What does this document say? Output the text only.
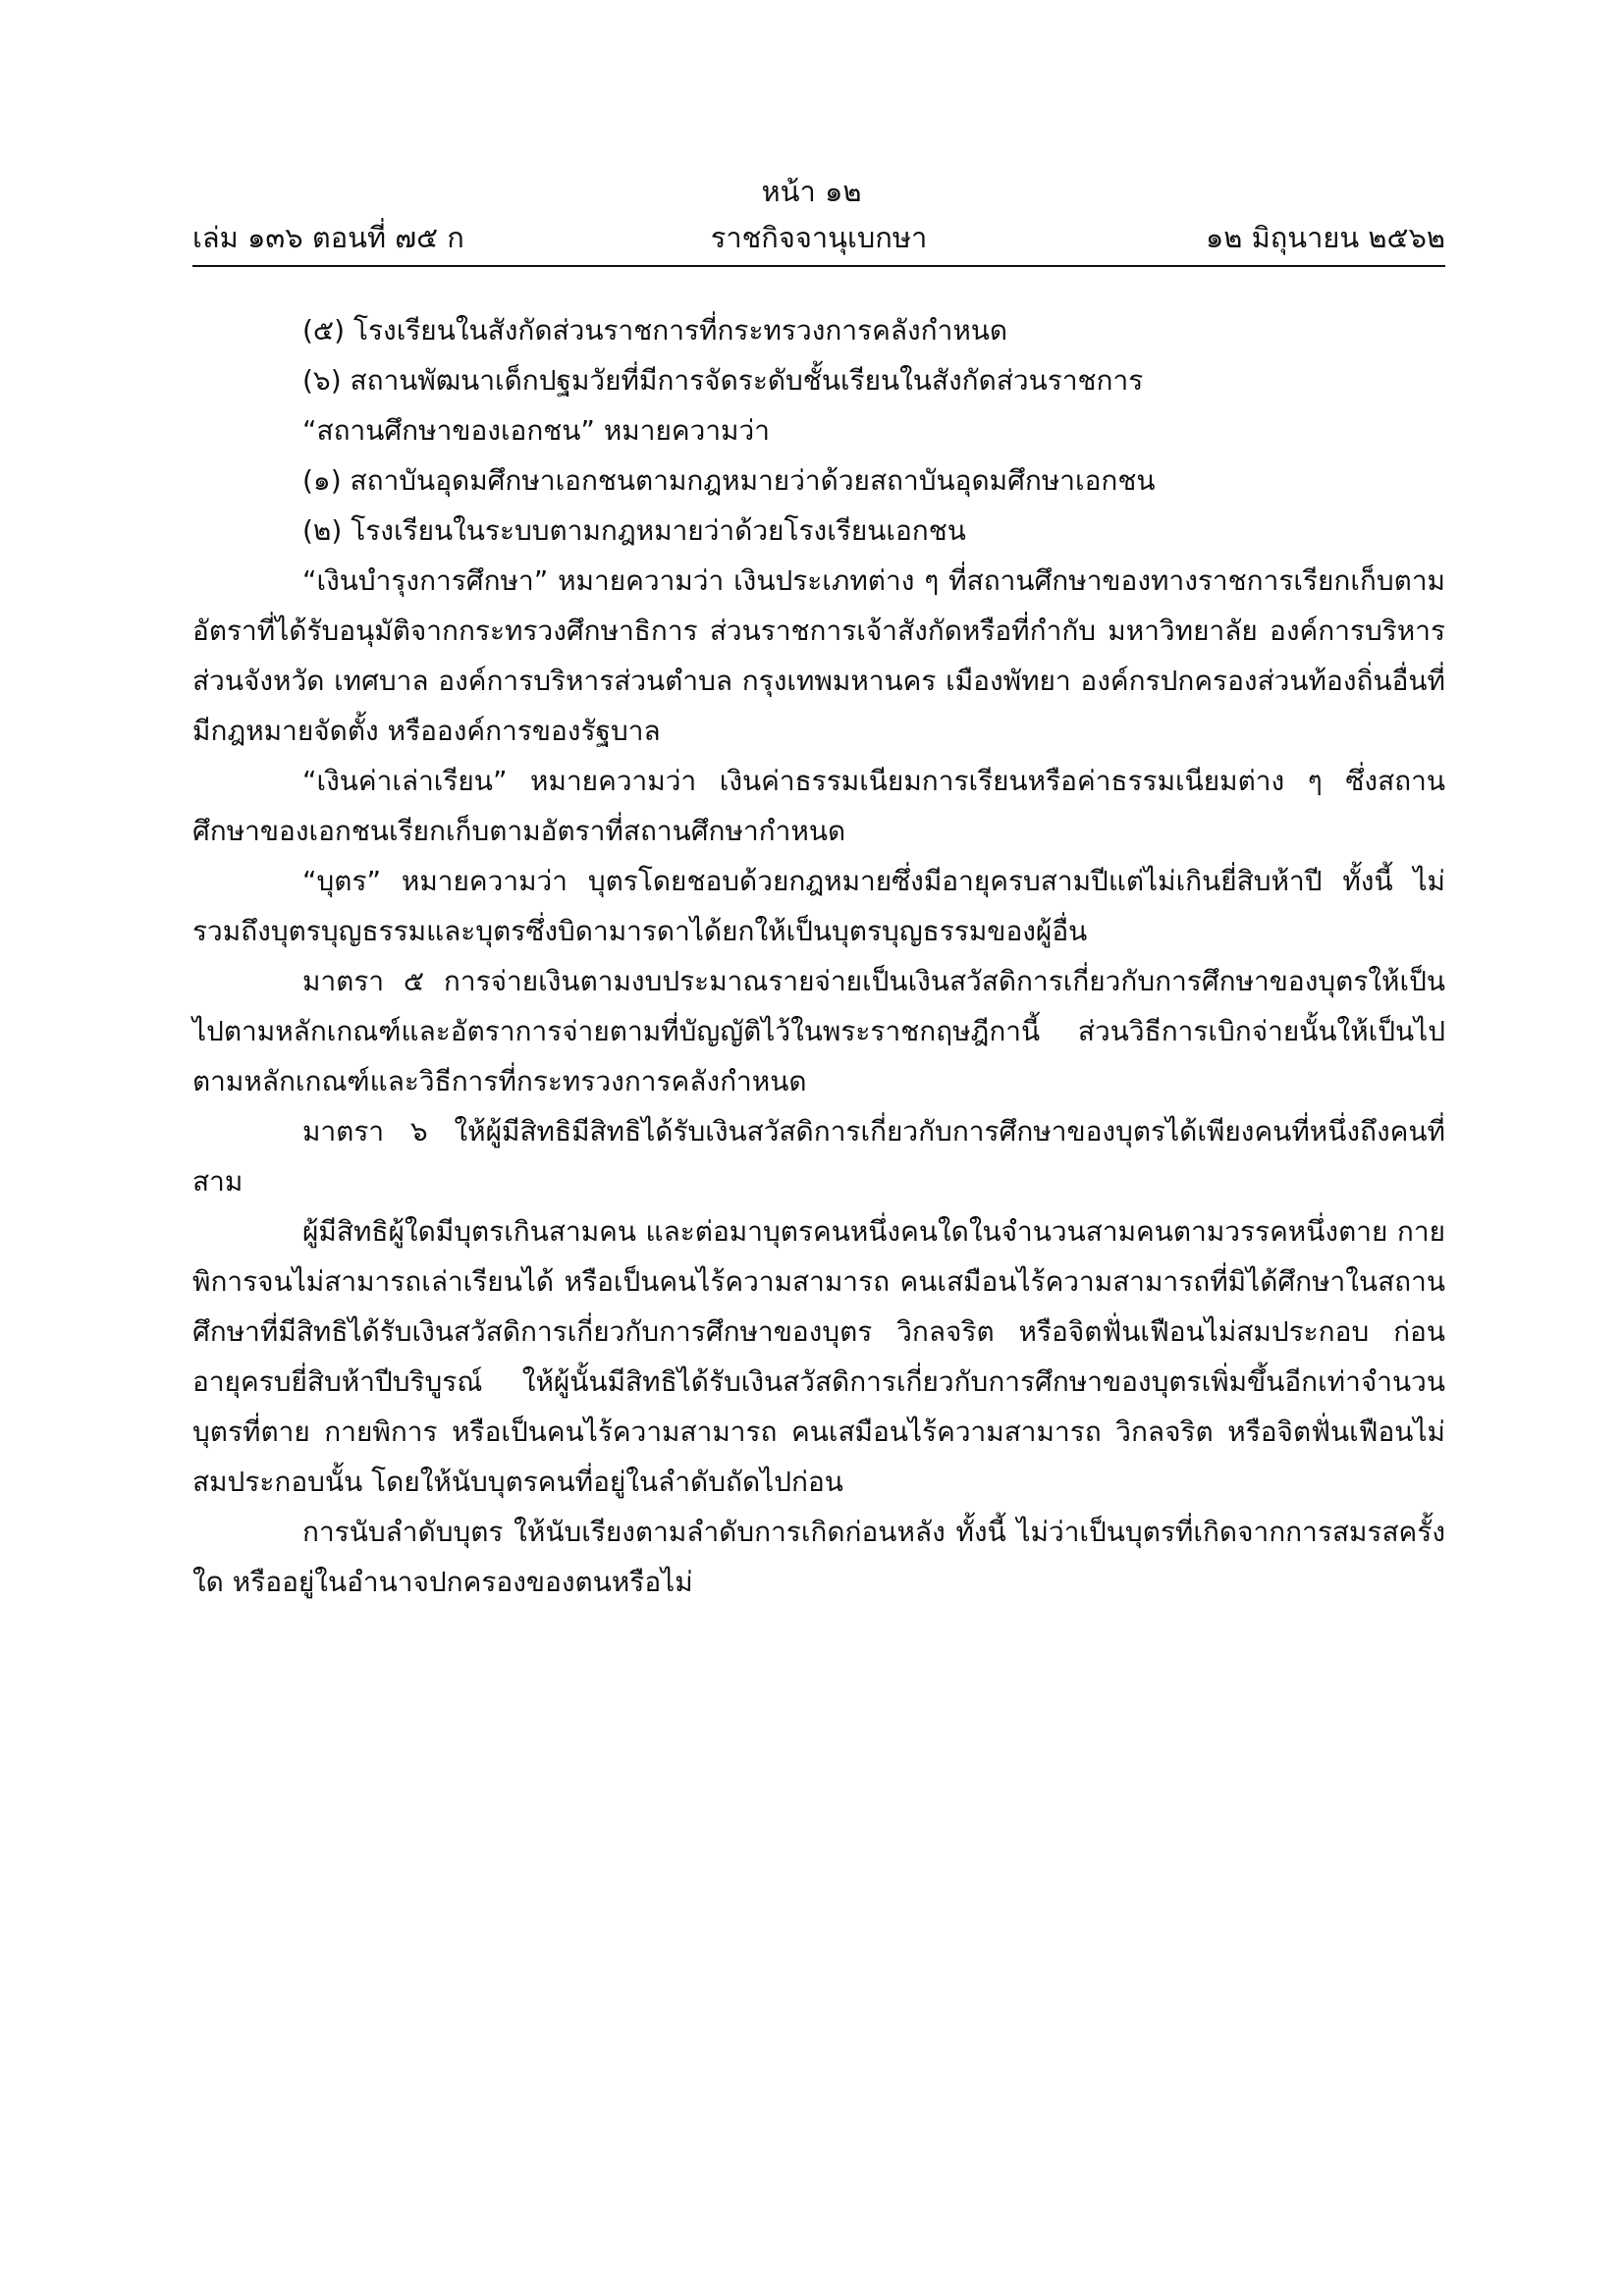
หน้า ๑๒
ราชกิจจานุเบกษา
เล่ม ๑๓๖ ตอนที่ ๗๕ ก	๑๒ มิถุนายน ๒๕๖๒

(๕) โรงเรียนในสังกัดส่วนราชการที่กระทรวงการคลังกำหนด

(๖) สถานพัฒนาเด็กปฐมวัยที่มีการจัดระดับชั้นเรียนในสังกัดส่วนราชการ

“สถานศึกษาของเอกชน” หมายความว่า

(๑) สถาบันอุดมศึกษาเอกชนตามกฎหมายว่าด้วยสถาบันอุดมศึกษาเอกชน

(๒) โรงเรียนในระบบตามกฎหมายว่าด้วยโรงเรียนเอกชน

“เงินบำรุงการศึกษา” หมายความว่า เงินประเภทต่าง ๆ ที่สถานศึกษาของทางราชการเรียกเก็บตามอัตราที่ได้รับอนุมัติจากกระทรวงศึกษาธิการ ส่วนราชการเจ้าสังกัดหรือที่กำกับ มหาวิทยาลัย องค์การบริหารส่วนจังหวัด เทศบาล องค์การบริหารส่วนตำบล กรุงเทพมหานคร เมืองพัทยา องค์กรปกครองส่วนท้องถิ่นอื่นที่มีกฎหมายจัดตั้ง หรือองค์การของรัฐบาล

“เงินค่าเล่าเรียน” หมายความว่า เงินค่าธรรมเนียมการเรียนหรือค่าธรรมเนียมต่าง ๆ ซึ่งสถานศึกษาของเอกชนเรียกเก็บตามอัตราที่สถานศึกษากำหนด

“บุตร” หมายความว่า บุตรโดยชอบด้วยกฎหมายซึ่งมีอายุครบสามปีแต่ไม่เกินยี่สิบห้าปี ทั้งนี้ ไม่รวมถึงบุตรบุญธรรมและบุตรซึ่งบิดามารดาได้ยกให้เป็นบุตรบุญธรรมของผู้อื่น

มาตรา ๕ การจ่ายเงินตามงบประมาณรายจ่ายเป็นเงินสวัสดิการเกี่ยวกับการศึกษาของบุตรให้เป็นไปตามหลักเกณฑ์และอัตราการจ่ายตามที่บัญญัติไว้ในพระราชกฤษฎีกานี้ ส่วนวิธีการเบิกจ่ายนั้นให้เป็นไปตามหลักเกณฑ์และวิธีการที่กระทรวงการคลังกำหนด

มาตรา ๖ ให้ผู้มีสิทธิมีสิทธิได้รับเงินสวัสดิการเกี่ยวกับการศึกษาของบุตรได้เพียงคนที่หนึ่งถึงคนที่สาม

ผู้มีสิทธิผู้ใดมีบุตรเกินสามคน และต่อมาบุตรคนหนึ่งคนใดในจำนวนสามคนตามวรรคหนึ่งตาย กายพิการจนไม่สามารถเล่าเรียนได้ หรือเป็นคนไร้ความสามารถ คนเสมือนไร้ความสามารถที่มิได้ศึกษาในสถานศึกษาที่มีสิทธิได้รับเงินสวัสดิการเกี่ยวกับการศึกษาของบุตร วิกลจริต หรือจิตฟั่นเฟือนไม่สมประกอบ ก่อนอายุครบยี่สิบห้าปีบริบูรณ์ ให้ผู้นั้นมีสิทธิได้รับเงินสวัสดิการเกี่ยวกับการศึกษาของบุตรเพิ่มขึ้นอีกเท่าจำนวนบุตรที่ตาย กายพิการ หรือเป็นคนไร้ความสามารถ คนเสมือนไร้ความสามารถ วิกลจริต หรือจิตฟั่นเฟือนไม่สมประกอบนั้น โดยให้นับบุตรคนที่อยู่ในลำดับถัดไปก่อน

การนับลำดับบุตร ให้นับเรียงตามลำดับการเกิดก่อนหลัง ทั้งนี้ ไม่ว่าเป็นบุตรที่เกิดจากการสมรสครั้งใด หรืออยู่ในอำนาจปกครองของตนหรือไม่
